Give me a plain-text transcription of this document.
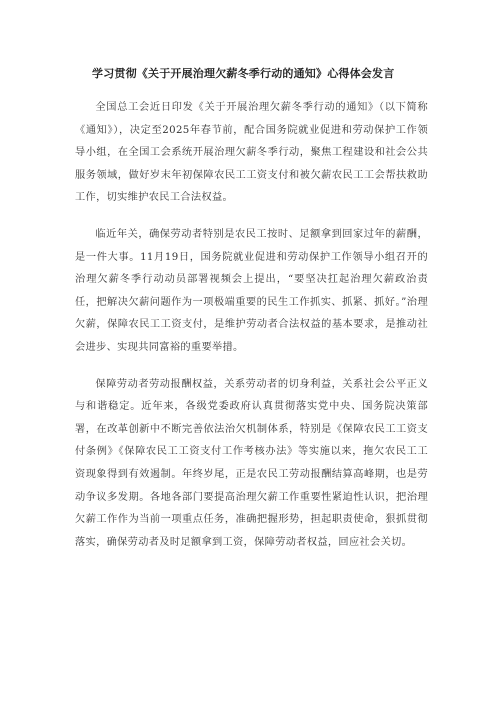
学习贯彻《关于开展治理欠薪冬季行动的通知》心得体会发言

全国总工会近日印发《关于开展治理欠薪冬季行动的通知》（以下简称《通知》），决定至2025年春节前，配合国务院就业促进和劳动保护工作领导小组，在全国工会系统开展治理欠薪冬季行动，聚焦工程建设和社会公共服务领域，做好岁末年初保障农民工工资支付和被欠薪农民工工会帮扶救助工作，切实维护农民工合法权益。

临近年关，确保劳动者特别是农民工按时、足额拿到回家过年的薪酬，是一件大事。11月19日，国务院就业促进和劳动保护工作领导小组召开的治理欠薪冬季行动动员部署视频会上提出，“要坚决扛起治理欠薪政治责任，把解决欠薪问题作为一项极端重要的民生工作抓实、抓紧、抓好。”治理欠薪，保障农民工工资支付，是维护劳动者合法权益的基本要求，是推动社会进步、实现共同富裕的重要举措。

保障劳动者劳动报酬权益，关系劳动者的切身利益，关系社会公平正义与和谐稳定。近年来，各级党委政府认真贯彻落实党中央、国务院决策部署，在改革创新中不断完善依法治欠机制体系，特别是《保障农民工工资支付条例》《保障农民工工资支付工作考核办法》等实施以来，拖欠农民工工资现象得到有效遏制。年终岁尾，正是农民工劳动报酬结算高峰期，也是劳动争议多发期。各地各部门要提高治理欠薪工作重要性紧迫性认识，把治理欠薪工作作为当前一项重点任务，准确把握形势，担起职责使命，狠抓贯彻落实，确保劳动者及时足额拿到工资，保障劳动者权益，回应社会关切。
